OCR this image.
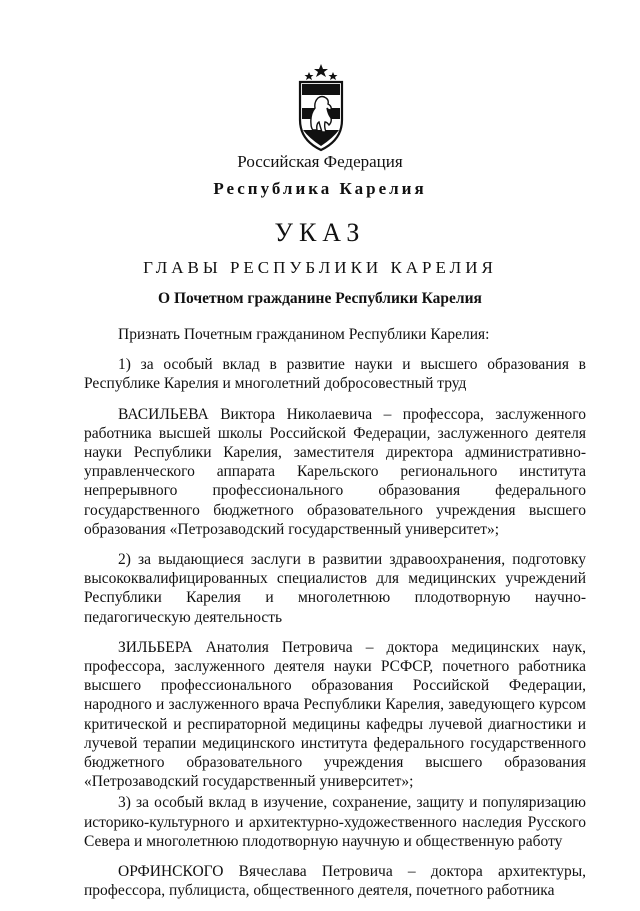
Российская Федерация
Республика Карелия
УКАЗ
ГЛАВЫ РЕСПУБЛИКИ КАРЕЛИЯ
О Почетном гражданине Республики Карелия

Признать Почетным гражданином Республики Карелия:

1) за особый вклад в развитие науки и высшего образования в Республике Карелия и многолетний добросовестный труд

ВАСИЛЬЕВА Виктора Николаевича – профессора, заслуженного работника высшей школы Российской Федерации, заслуженного деятеля науки Республики Карелия, заместителя директора административно-управленческого аппарата Карельского регионального института непрерывного профессионального образования федерального государственного бюджетного образовательного учреждения высшего образования «Петрозаводский государственный университет»;

2) за выдающиеся заслуги в развитии здравоохранения, подготовку высококвалифицированных специалистов для медицинских учреждений Республики Карелия и многолетнюю плодотворную научно-педагогическую деятельность

ЗИЛЬБЕРА Анатолия Петровича – доктора медицинских наук, профессора, заслуженного деятеля науки РСФСР, почетного работника высшего профессионального образования Российской Федерации, народного и заслуженного врача Республики Карелия, заведующего курсом критической и респираторной медицины кафедры лучевой диагностики и лучевой терапии медицинского института федерального государственного бюджетного образовательного учреждения высшего образования «Петрозаводский государственный университет»;

3) за особый вклад в изучение, сохранение, защиту и популяризацию историко-культурного и архитектурно-художественного наследия Русского Севера и многолетнюю плодотворную научную и общественную работу

ОРФИНСКОГО Вячеслава Петровича – доктора архитектуры, профессора, публициста, общественного деятеля, почетного работника
